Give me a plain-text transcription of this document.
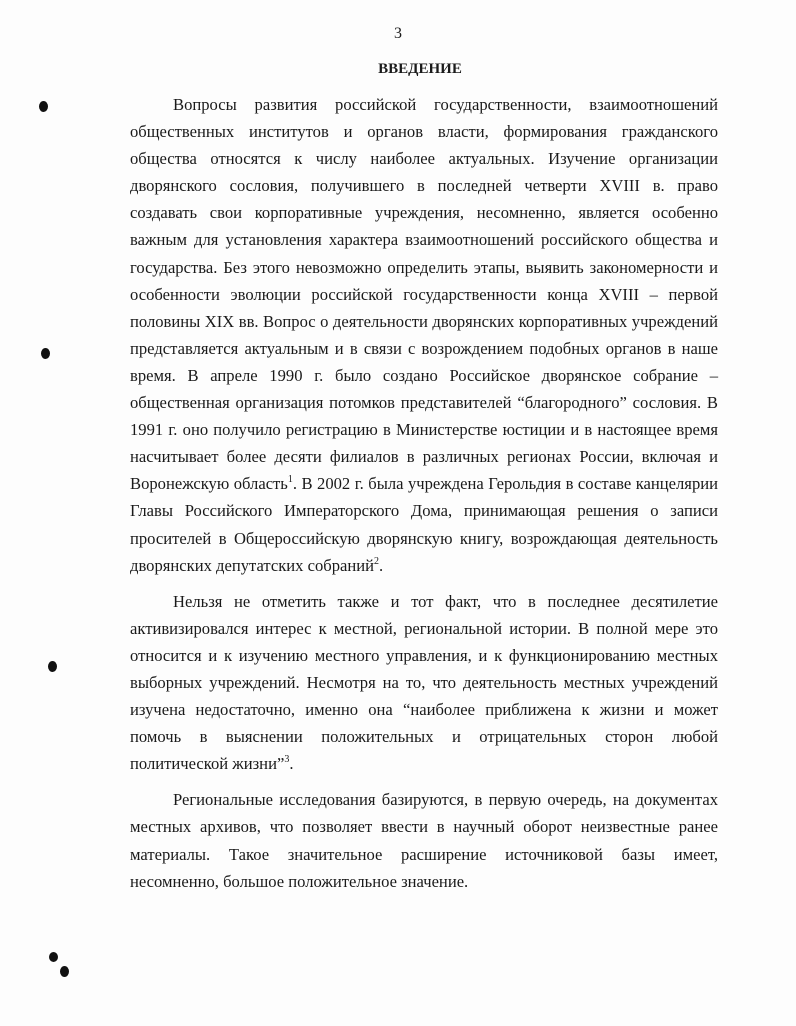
3
ВВЕДЕНИЕ

Вопросы развития российской государственности, взаимоотношений общественных институтов и органов власти, формирования гражданского общества относятся к числу наиболее актуальных. Изучение организации дворянского сословия, получившего в последней четверти XVIII в. право создавать свои корпоративные учреждения, несомненно, является особенно важным для установления характера взаимоотношений российского общества и государства. Без этого невозможно определить этапы, выявить закономерности и особенности эволюции российской государственности конца XVIII – первой половины XIX вв. Вопрос о деятельности дворянских корпоративных учреждений представляется актуальным и в связи с возрождением подобных органов в наше время. В апреле 1990 г. было создано Российское дворянское собрание – общественная организация потомков представителей “благородного” сословия. В 1991 г. оно получило регистрацию в Министерстве юстиции и в настоящее время насчитывает более десяти филиалов в различных регионах России, включая и Воронежскую область$^1$. В 2002 г. была учреждена Герольдия в составе канцелярии Главы Российского Императорского Дома, принимающая решения о записи просителей в Общероссийскую дворянскую книгу, возрождающая деятельность дворянских депутатских собраний$^2$.

Нельзя не отметить также и тот факт, что в последнее десятилетие активизировался интерес к местной, региональной истории. В полной мере это относится и к изучению местного управления, и к функционированию местных выборных учреждений. Несмотря на то, что деятельность местных учреждений изучена недостаточно, именно она “наиболее приближена к жизни и может помочь в выяснении положительных и отрицательных сторон любой политической жизни”$^3$.

Региональные исследования базируются, в первую очередь, на документах местных архивов, что позволяет ввести в научный оборот неизвестные ранее материалы. Такое значительное расширение источниковой базы имеет, несомненно, большое положительное значение.
